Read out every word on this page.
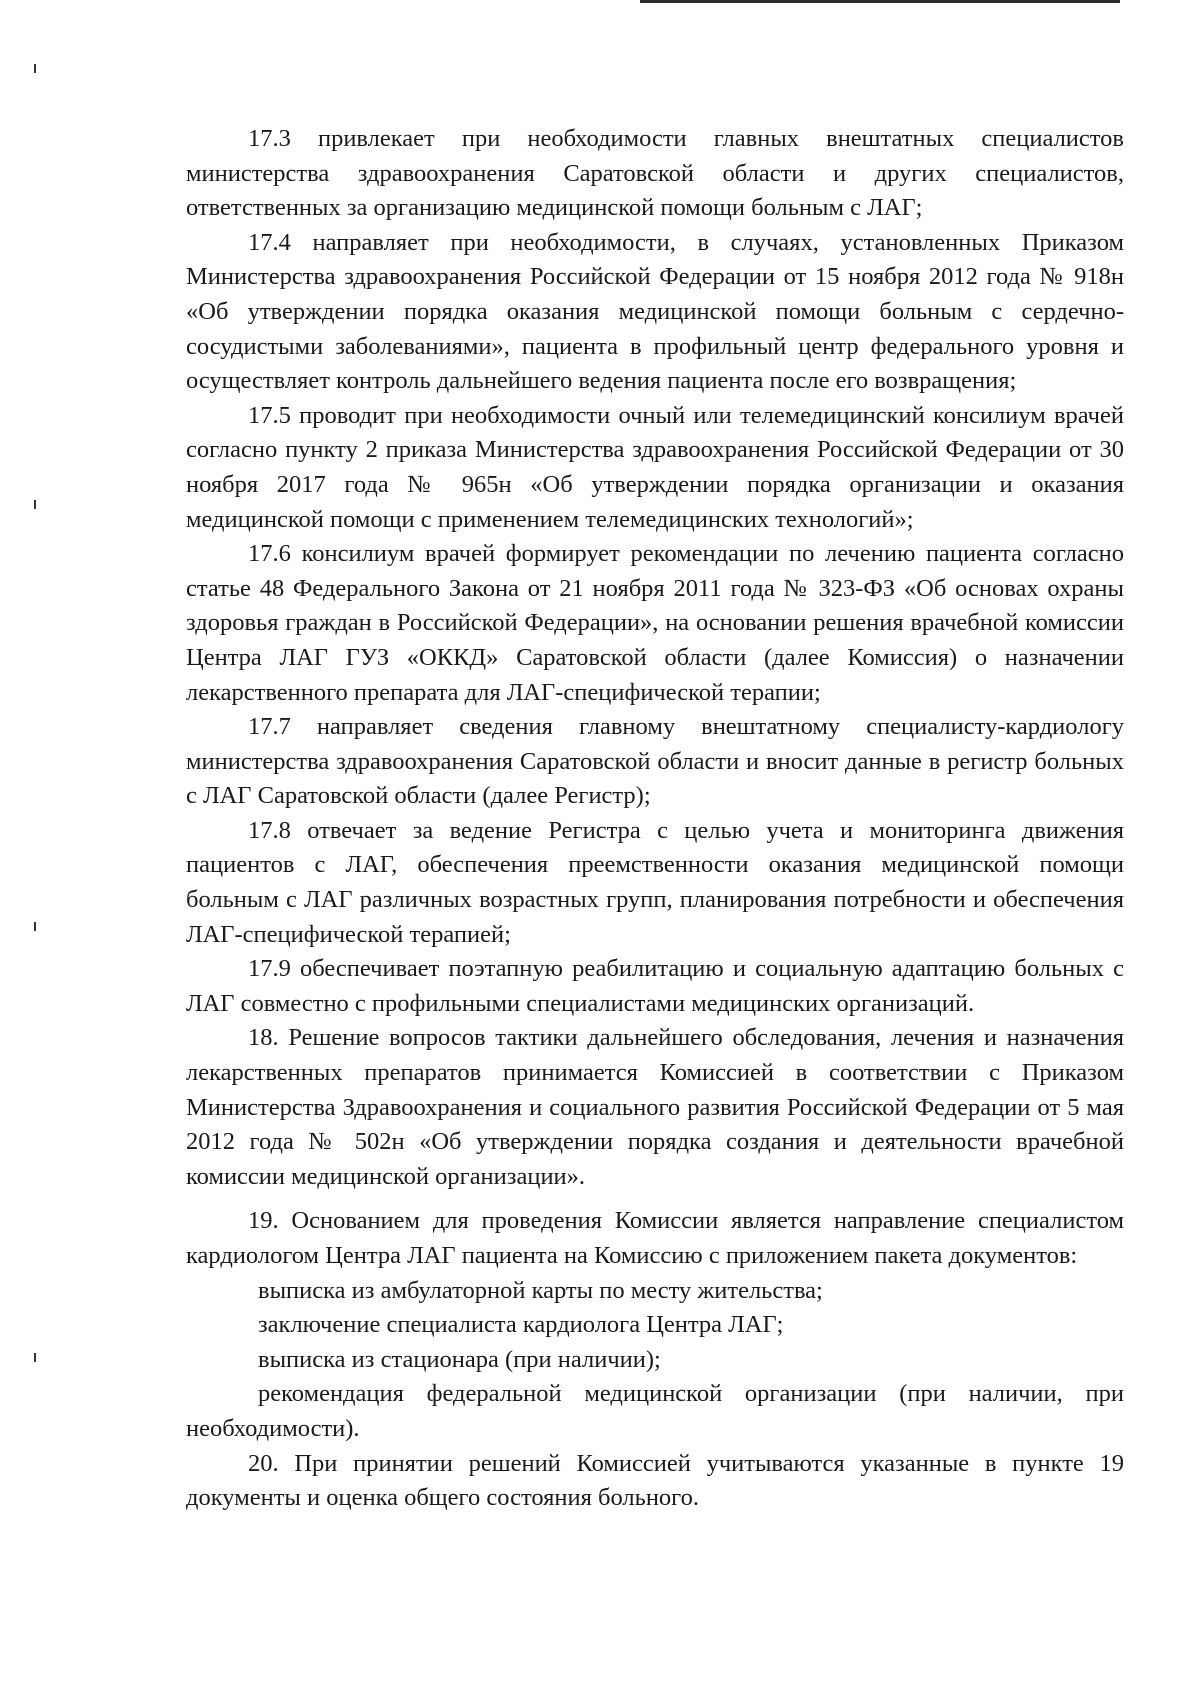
17.3 привлекает при необходимости главных внештатных специалистов министерства здравоохранения Саратовской области и других специалистов, ответственных за организацию медицинской помощи больным с ЛАГ;

17.4 направляет при необходимости, в случаях, установленных Приказом Министерства здравоохранения Российской Федерации от 15 ноября 2012 года № 918н «Об утверждении порядка оказания медицинской помощи больным с сердечно-сосудистыми заболеваниями», пациента в профильный центр федерального уровня и осуществляет контроль дальнейшего ведения пациента после его возвращения;

17.5 проводит при необходимости очный или телемедицинский консилиум врачей согласно пункту 2 приказа Министерства здравоохранения Российской Федерации от 30 ноября 2017 года № 965н «Об утверждении порядка организации и оказания медицинской помощи с применением телемедицинских технологий»;

17.6 консилиум врачей формирует рекомендации по лечению пациента согласно статье 48 Федерального Закона от 21 ноября 2011 года № 323-ФЗ «Об основах охраны здоровья граждан в Российской Федерации», на основании решения врачебной комиссии Центра ЛАГ ГУЗ «ОККД» Саратовской области (далее Комиссия) о назначении лекарственного препарата для ЛАГ-специфической терапии;

17.7 направляет сведения главному внештатному специалисту-кардиологу министерства здравоохранения Саратовской области и вносит данные в регистр больных с ЛАГ Саратовской области (далее Регистр);

17.8 отвечает за ведение Регистра с целью учета и мониторинга движения пациентов с ЛАГ, обеспечения преемственности оказания медицинской помощи больным с ЛАГ различных возрастных групп, планирования потребности и обеспечения ЛАГ-специфической терапией;

17.9 обеспечивает поэтапную реабилитацию и социальную адаптацию больных с ЛАГ совместно с профильными специалистами медицинских организаций.

18. Решение вопросов тактики дальнейшего обследования, лечения и назначения лекарственных препаратов принимается Комиссией в соответствии с Приказом Министерства Здравоохранения и социального развития Российской Федерации от 5 мая 2012 года № 502н «Об утверждении порядка создания и деятельности врачебной комиссии медицинской организации».

19. Основанием для проведения Комиссии является направление специалистом кардиологом Центра ЛАГ пациента на Комиссию с приложением пакета документов:

выписка из амбулаторной карты по месту жительства;

заключение специалиста кардиолога Центра ЛАГ;

выписка из стационара (при наличии);

рекомендация федеральной медицинской организации (при наличии, при необходимости).

20. При принятии решений Комиссией учитываются указанные в пункте 19 документы и оценка общего состояния больного.
